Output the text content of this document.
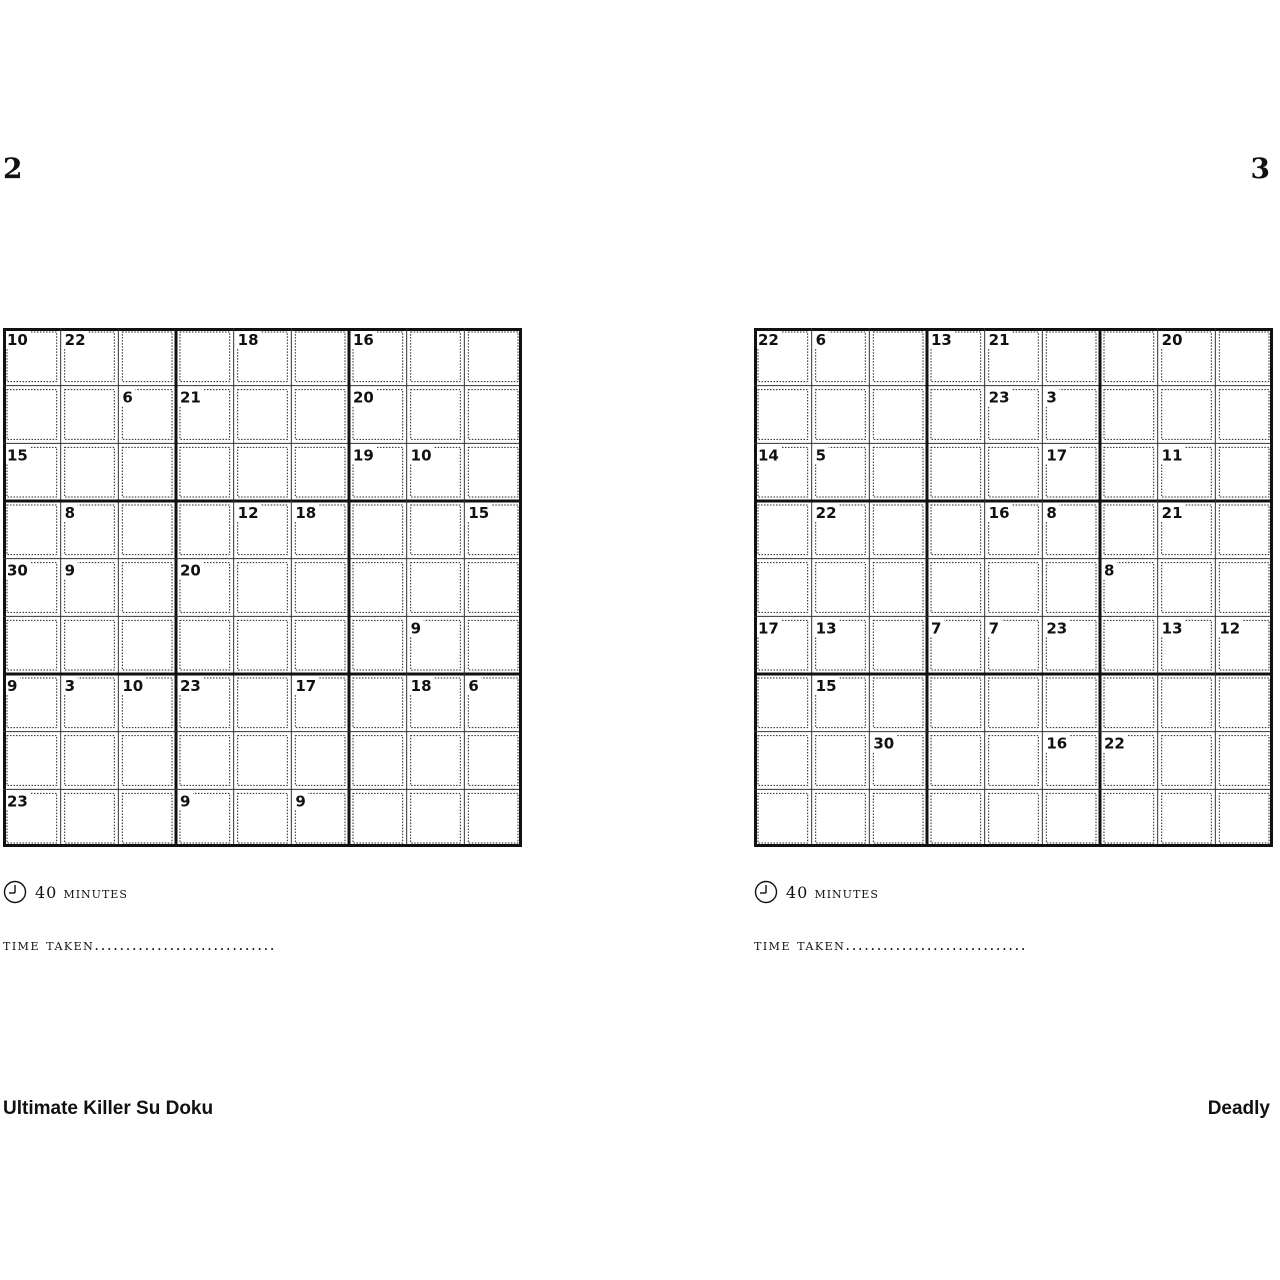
2	3
10 22	18	16
6	21	20
15	19 10
8	12 18	15
30 9	20
9
9	3	10 23	17	18 6
23	9	9
22 6	13 21	20
23 3
14 5	17	11
22	16 8	21
8
17 13	7	7	23	13 12
15
30	16 22
40 minutes	40 minutes
time taken.............................	time taken.............................
Ultimate Killer Su Doku	Deadly
